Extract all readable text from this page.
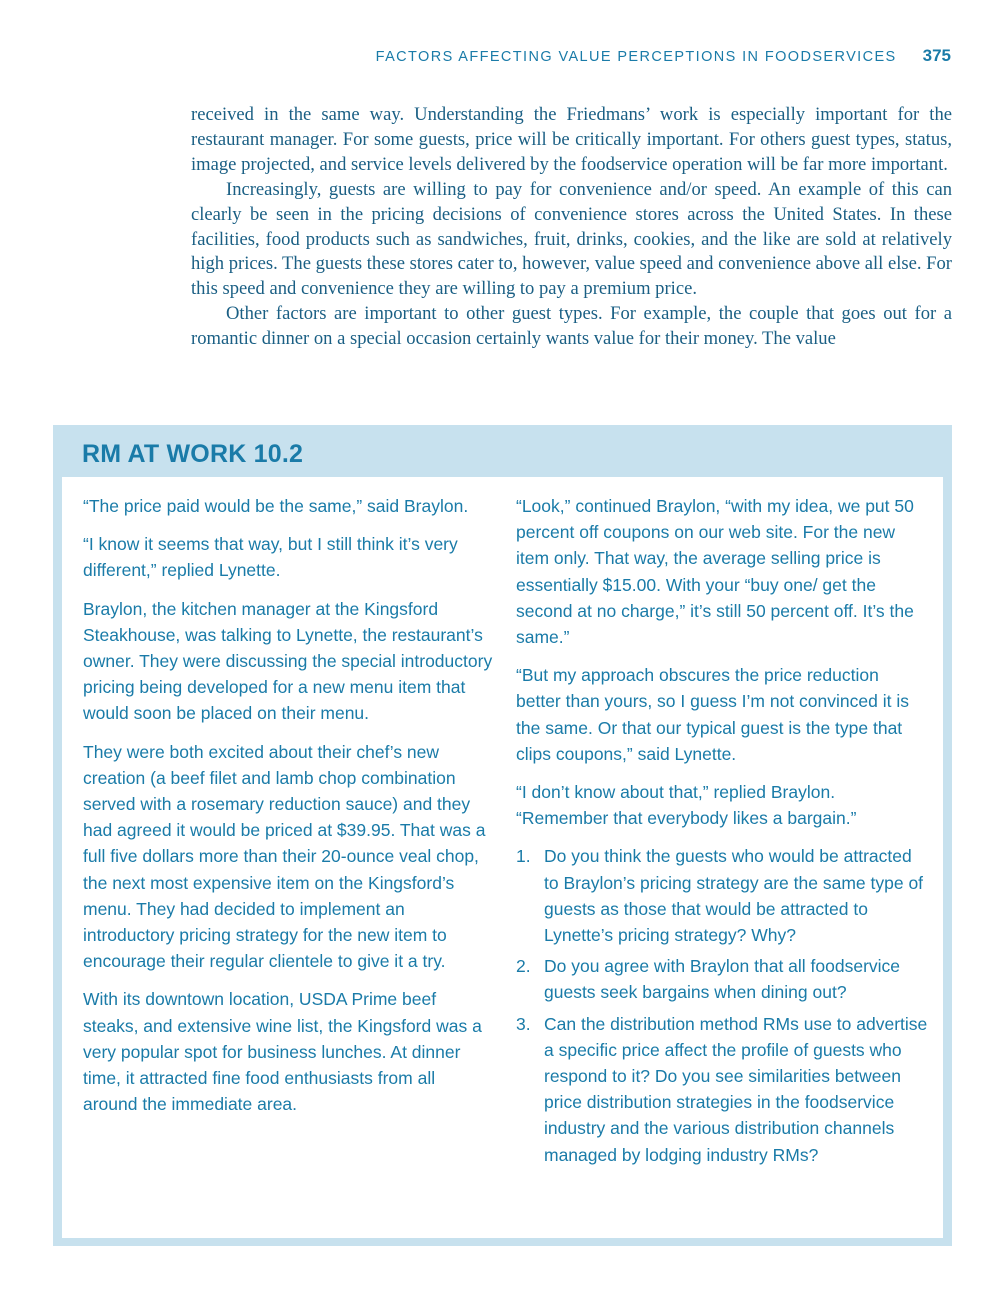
FACTORS AFFECTING VALUE PERCEPTIONS IN FOODSERVICES 375

received in the same way. Understanding the Friedmans’ work is especially important for the restaurant manager. For some guests, price will be critically important. For others guest types, status, image projected, and service levels delivered by the foodservice operation will be far more important.

Increasingly, guests are willing to pay for convenience and/or speed. An example of this can clearly be seen in the pricing decisions of convenience stores across the United States. In these facilities, food products such as sandwiches, fruit, drinks, cookies, and the like are sold at relatively high prices. The guests these stores cater to, however, value speed and convenience above all else. For this speed and convenience they are willing to pay a premium price.

Other factors are important to other guest types. For example, the couple that goes out for a romantic dinner on a special occasion certainly wants value for their money. The value

RM AT WORK 10.2

“The price paid would be the same,” said Braylon.

“I know it seems that way, but I still think it’s very different,” replied Lynette.

Braylon, the kitchen manager at the Kingsford Steakhouse, was talking to Lynette, the restaurant’s owner. They were discussing the special introductory pricing being developed for a new menu item that would soon be placed on their menu.

They were both excited about their chef’s new creation (a beef filet and lamb chop combination served with a rosemary reduction sauce) and they had agreed it would be priced at $39.95. That was a full five dollars more than their 20-ounce veal chop, the next most expensive item on the Kingsford’s menu. They had decided to implement an introductory pricing strategy for the new item to encourage their regular clientele to give it a try.

With its downtown location, USDA Prime beef steaks, and extensive wine list, the Kingsford was a very popular spot for business lunches. At dinner time, it attracted fine food enthusiasts from all around the immediate area.

“Look,” continued Braylon, “with my idea, we put 50 percent off coupons on our web site. For the new item only. That way, the average selling price is essentially $15.00. With your “buy one/ get the second at no charge,” it’s still 50 percent off. It’s the same.”

“But my approach obscures the price reduction better than yours, so I guess I’m not convinced it is the same. Or that our typical guest is the type that clips coupons,” said Lynette.

“I don’t know about that,” replied Braylon. “Remember that everybody likes a bargain.”

1. Do you think the guests who would be attracted to Braylon’s pricing strategy are the same type of guests as those that would be attracted to Lynette’s pricing strategy? Why?
2. Do you agree with Braylon that all foodservice guests seek bargains when dining out?
3. Can the distribution method RMs use to advertise a specific price affect the profile of guests who respond to it? Do you see similarities between price distribution strategies in the foodservice industry and the various distribution channels managed by lodging industry RMs?
